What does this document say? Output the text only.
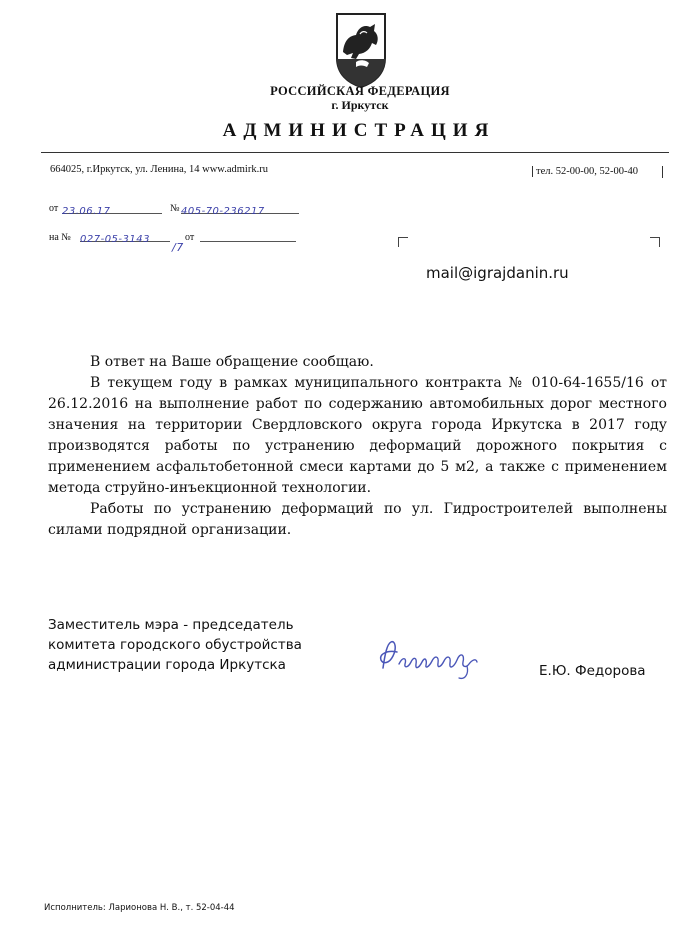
РОССИЙСКАЯ ФЕДЕРАЦИЯ
г. Иркутск
АДМИНИСТРАЦИЯ
664025, г.Иркутск, ул. Ленина, 14 www.admirk.ru	тел. 52-00-00, 52-00-40
от 23.06.17	№ 405-70-236217
на № 027-05-3143
/7
от
mail@igrajdanin.ru

В ответ на Ваше обращение сообщаю.

В текущем году в рамках муниципального контракта № 010-64-1655/16 от 26.12.2016 на выполнение работ по содержанию автомобильных дорог местного значения на территории Свердловского округа города Иркутска в 2017 году производятся работы по устранению деформаций дорожного покрытия с применением асфальтобетонной смеси картами до 5 м2, а также с применением метода струйно-инъекционной технологии.

Работы по устранению деформаций по ул. Гидростроителей выполнены силами подрядной организации.

Заместитель мэра - председатель
комитета городского обустройства
администрации города Иркутска	Е.Ю. Федорова
Исполнитель: Ларионова Н. В., т. 52-04-44
